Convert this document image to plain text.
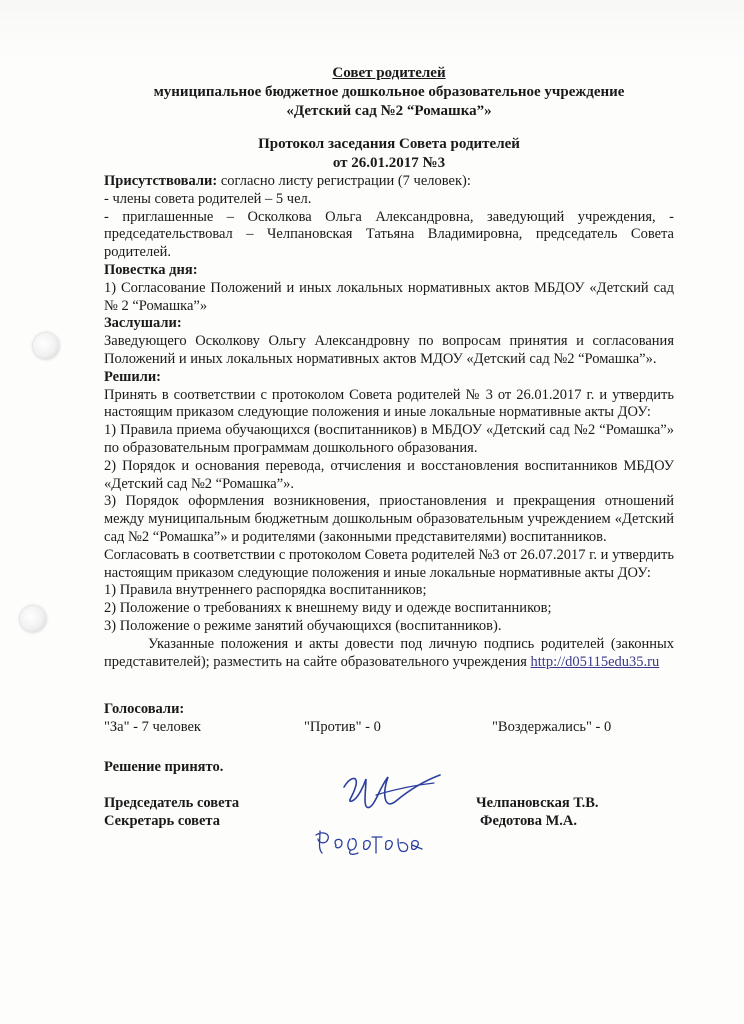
Совет родителей
муниципальное бюджетное дошкольное образовательное учреждение
«Детский сад №2 “Ромашка”»
Протокол заседания Совета родителей
от 26.01.2017 №3

Присутствовали: согласно листу регистрации (7 человек):

- члены совета родителей – 5 чел.

- приглашенные – Осколкова Ольга Александровна, заведующий учреждения, - председательствовал – Челпановская Татьяна Владимировна, председатель Совета родителей.

Повестка дня:

1) Согласование Положений и иных локальных нормативных актов МБДОУ «Детский сад № 2 “Ромашка”»

Заслушали:

Заведующего Осколкову Ольгу Александровну по вопросам принятия и согласования Положений и иных локальных нормативных актов МДОУ «Детский сад №2 “Ромашка”».

Решили:

Принять в соответствии с протоколом Совета родителей № 3 от 26.01.2017 г. и утвердить настоящим приказом следующие положения и иные локальные нормативные акты ДОУ:

1) Правила приема обучающихся (воспитанников) в МБДОУ «Детский сад №2 “Ромашка”» по образовательным программам дошкольного образования.

2) Порядок и основания перевода, отчисления и восстановления воспитанников МБДОУ «Детский сад №2 “Ромашка”».

3) Порядок оформления возникновения, приостановления и прекращения отношений между муниципальным бюджетным дошкольным образовательным учреждением «Детский сад №2 “Ромашка”» и родителями (законными представителями) воспитанников.

Согласовать в соответствии с протоколом Совета родителей №3 от 26.07.2017 г. и утвердить настоящим приказом следующие положения и иные локальные нормативные акты ДОУ:

1) Правила внутреннего распорядка воспитанников;

2) Положение о требованиях к внешнему виду и одежде воспитанников;

3) Положение о режиме занятий обучающихся (воспитанников).

Указанные положения и акты довести под личную подпись родителей (законных представителей); разместить на сайте образовательного учреждения http://d05115edu35.ru

Голосовали:

"За" - 7 человек	"Против" - 0	"Воздержались" - 0

Решение принято.

Председатель совета
Секретарь совета
Челпановская Т.В.
Федотова М.А.
